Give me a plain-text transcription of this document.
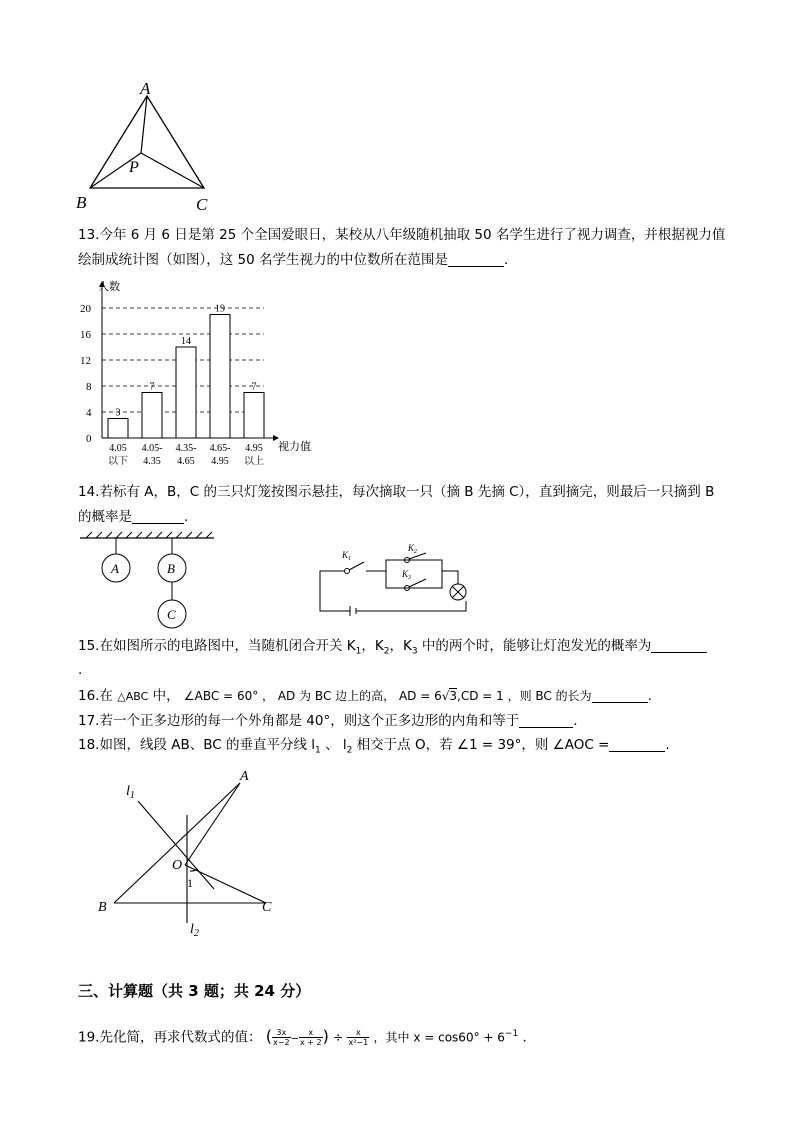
A
B	C
P
13.今年 6 月 6 日是第 25 个全国爱眼日，某校从八年级随机抽取 50 名学生进行了视力调查，并根据视力值
绘制成统计图（如图），这 50 名学生视力的中位数所在范围是	.
人数
视力值
3
4.05
以下
7
4.05-
4.35
14
4.35-
4.65
19
4.65-
4.95
7
4.95
以上
0
4
8
12
16
20
14.若标有 A，B，C 的三只灯笼按图示悬挂，每次摘取一只（摘 B 先摘 C），直到摘完，则最后一只摘到 B
的概率是	.
A	B
C
$K_1$
$K_2$
$K_3$
15.在如图所示的电路图中，当随机闭合开关 $K_1$，$K_2$，$K_3$ 中的两个时，能够让灯泡发光的概率为
.
16.在 △ABC 中， ∠ABC = 60° ， AD 为 BC 边上的高， AD = 6√3,CD = 1 ，则 BC 的长为	.
17.若一个正多边形的每一个外角都是 40°，则这个正多边形的内角和等于	.
18.如图，线段 AB、BC 的垂直平分线 $l_1$ 、 $l_2$ 相交于点 O，若 ∠1 = 39°，则 ∠AOC =	.
A
B	C
O
1
$l_1$
$l_2$
三、计算题（共 3 题；共 24 分）
19.先化简，再求代数式的值： ( $\frac{3x}{x-2} - \frac{x}{x + 2}$ ) ÷ $\frac{x}{\text{x²−1}}$ ，其中 $x = \cos 60^\circ + 6^{-1}$ .
